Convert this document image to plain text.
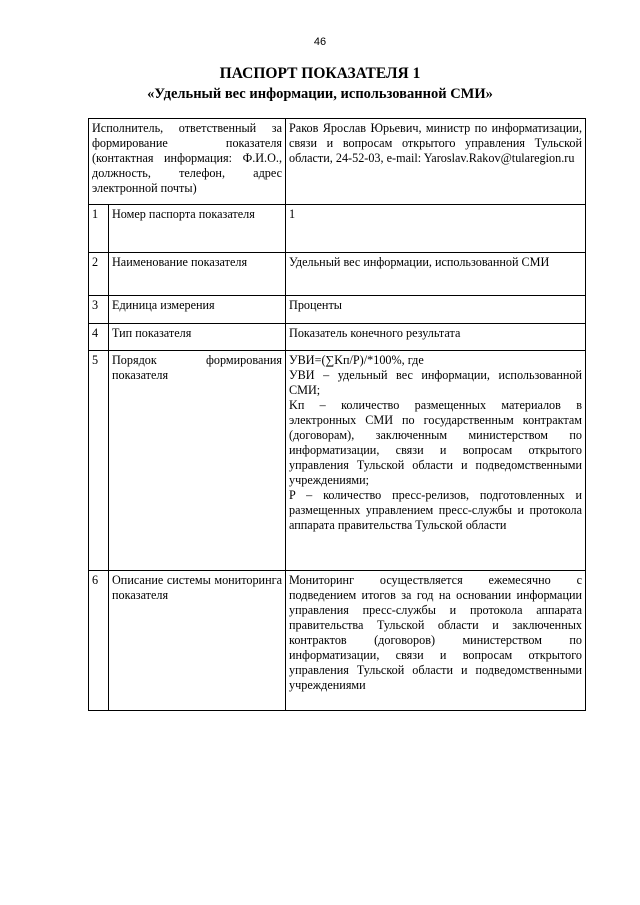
46
ПАСПОРТ ПОКАЗАТЕЛЯ 1
«Удельный вес информации, использованной СМИ»
Исполнитель, ответственный за формирование показателя (контактная информация: Ф.И.О., должность, телефон, адрес электронной почты)		Раков Ярослав Юрьевич, министр по информатизации, связи и вопросам открытого управления Тульской области, 24-52-03, e-mail: Yaroslav.Rakov@tularegion.ru
1	Номер паспорта показателя	1
2	Наименование показателя	Удельный вес информации, использованной СМИ
3	Единица измерения	Проценты
4	Тип показателя	Показатель конечного результата
5	Порядок формирования показателя	УВИ=(∑Kп/P)/*100%, где
УВИ – удельный вес информации, использованной СМИ;
Kп – количество размещенных материалов в электронных СМИ по государственным контрактам (договорам), заключенным министерством по информатизации, связи и вопросам открытого управления Тульской области и подведомственными учреждениями;
P – количество пресс-релизов, подготовленных и размещенных управлением пресс-службы и протокола аппарата правительства Тульской области

6	Описание системы мониторинга показателя	Мониторинг осуществляется ежемесячно с подведением итогов за год на основании информации управления пресс-службы и протокола аппарата правительства Тульской области и заключенных контрактов (договоров) министерством по информатизации, связи и вопросам открытого управления Тульской области и подведомственными учреждениями
